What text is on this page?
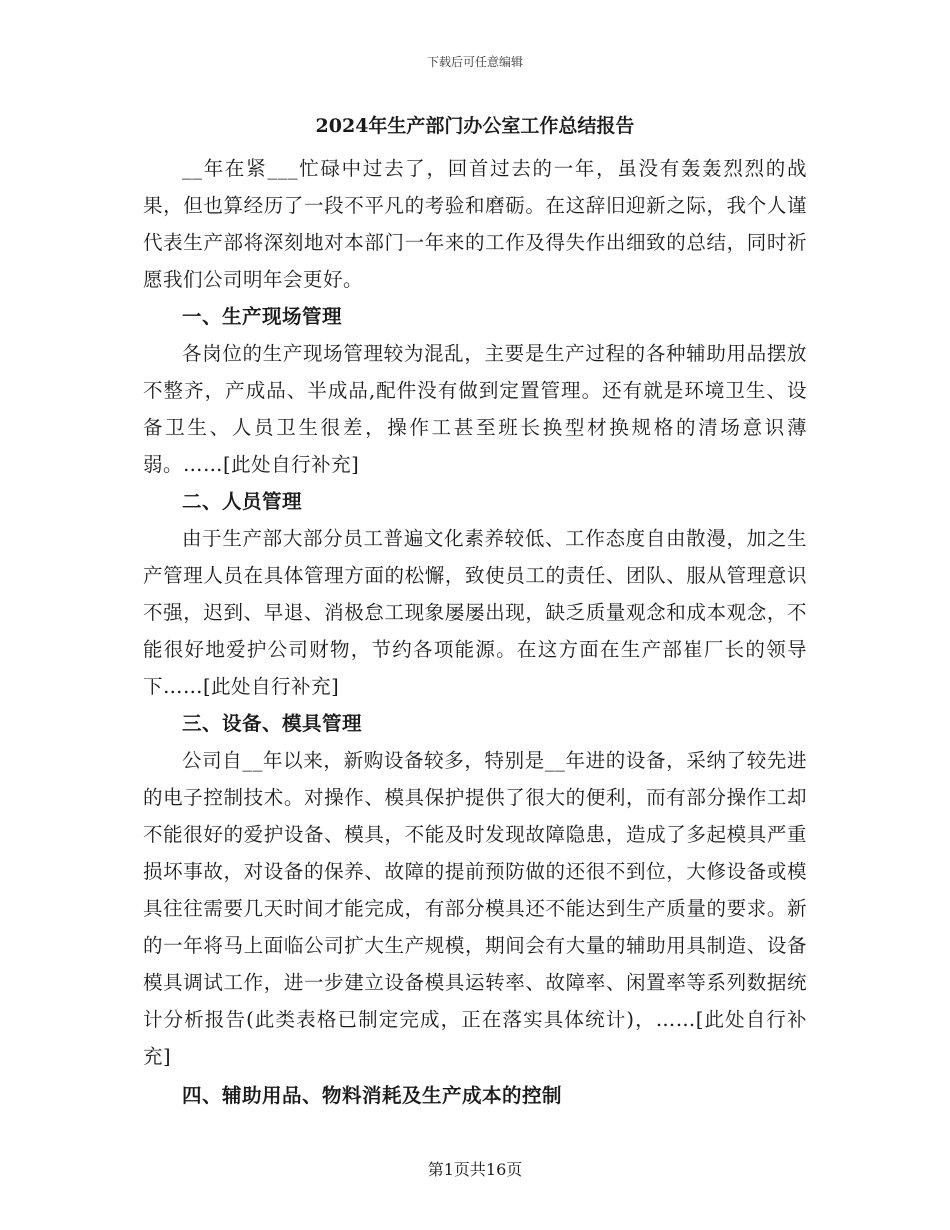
下载后可任意编辑
2024年生产部门办公室工作总结报告

__年在紧___忙碌中过去了，回首过去的一年，虽没有轰轰烈烈的战果，但也算经历了一段不平凡的考验和磨砺。在这辞旧迎新之际，我个人谨代表生产部将深刻地对本部门一年来的工作及得失作出细致的总结，同时祈愿我们公司明年会更好。

一、生产现场管理

各岗位的生产现场管理较为混乱，主要是生产过程的各种辅助用品摆放不整齐，产成品、半成品,配件没有做到定置管理。还有就是环境卫生、设备卫生、人员卫生很差，操作工甚至班长换型材换规格的清场意识薄弱。……[此处自行补充]

二、人员管理

由于生产部大部分员工普遍文化素养较低、工作态度自由散漫，加之生产管理人员在具体管理方面的松懈，致使员工的责任、团队、服从管理意识不强，迟到、早退、消极怠工现象屡屡出现，缺乏质量观念和成本观念，不能很好地爱护公司财物，节约各项能源。在这方面在生产部崔厂长的领导下……[此处自行补充]

三、设备、模具管理

公司自__年以来，新购设备较多，特别是__年进的设备，采纳了较先进的电子控制技术。对操作、模具保护提供了很大的便利，而有部分操作工却不能很好的爱护设备、模具，不能及时发现故障隐患，造成了多起模具严重损坏事故，对设备的保养、故障的提前预防做的还很不到位，大修设备或模具往往需要几天时间才能完成，有部分模具还不能达到生产质量的要求。新的一年将马上面临公司扩大生产规模，期间会有大量的辅助用具制造、设备模具调试工作，进一步建立设备模具运转率、故障率、闲置率等系列数据统计分析报告(此类表格已制定完成，正在落实具体统计)，……[此处自行补充]

四、辅助用品、物料消耗及生产成本的控制

第1页共16页
